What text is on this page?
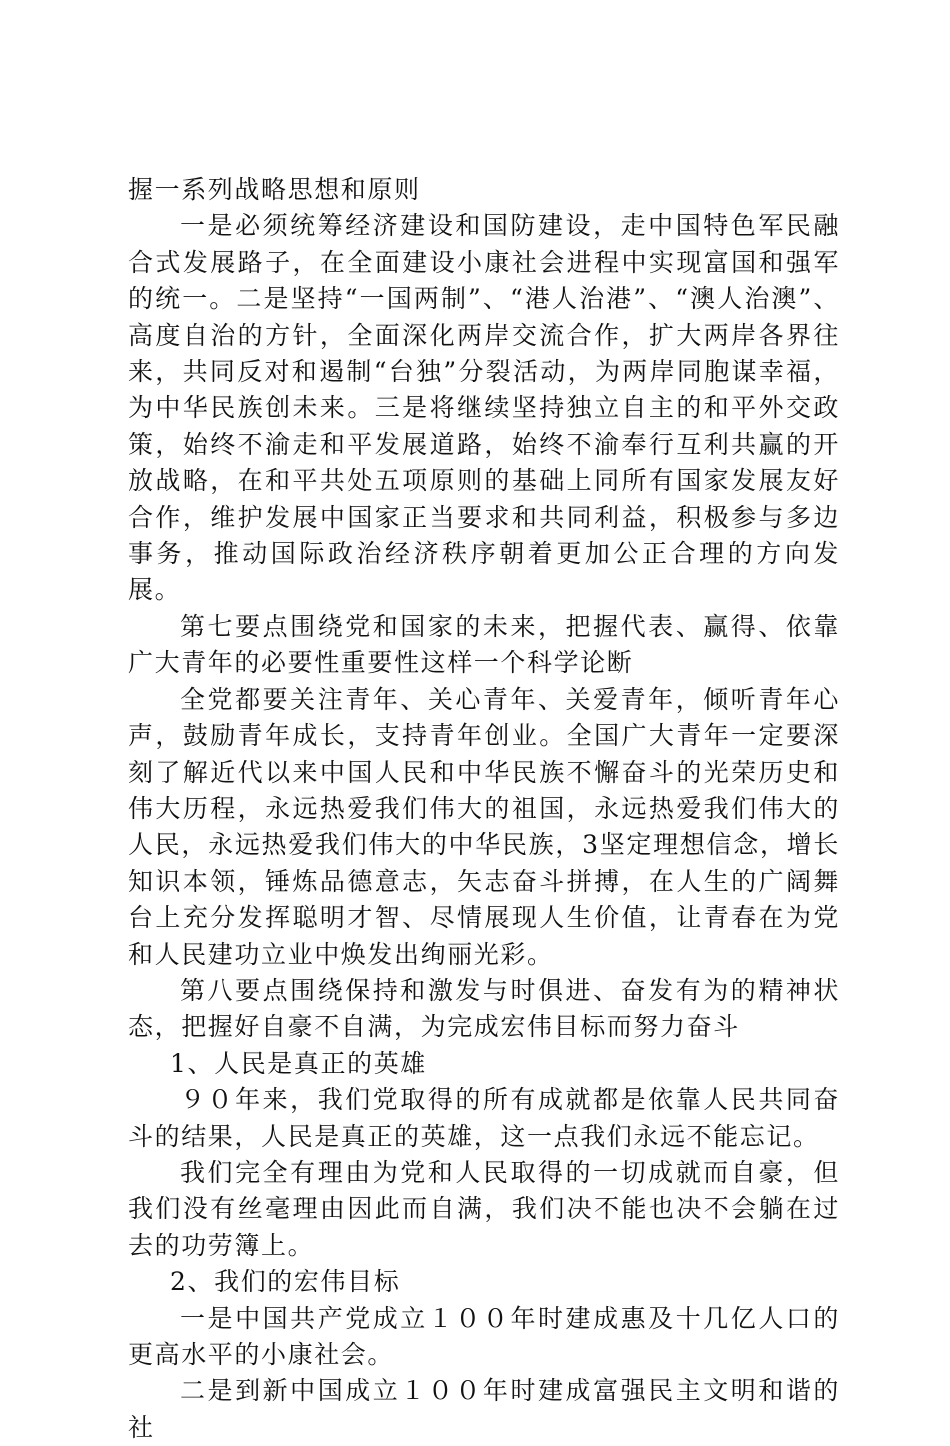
握一系列战略思想和原则

一是必须统筹经济建设和国防建设，走中国特色军民融合式发展路子，在全面建设小康社会进程中实现富国和强军的统一。二是坚持“一国两制”、“港人治港”、“澳人治澳”、高度自治的方针，全面深化两岸交流合作，扩大两岸各界往来，共同反对和遏制“台独”分裂活动，为两岸同胞谋幸福，为中华民族创未来。三是将继续坚持独立自主的和平外交政策，始终不渝走和平发展道路，始终不渝奉行互利共赢的开放战略，在和平共处五项原则的基础上同所有国家发展友好合作，维护发展中国家正当要求和共同利益，积极参与多边事务，推动国际政治经济秩序朝着更加公正合理的方向发展。

第七要点围绕党和国家的未来，把握代表、赢得、依靠广大青年的必要性重要性这样一个科学论断

全党都要关注青年、关心青年、关爱青年，倾听青年心声，鼓励青年成长，支持青年创业。全国广大青年一定要深刻了解近代以来中国人民和中华民族不懈奋斗的光荣历史和伟大历程，永远热爱我们伟大的祖国，永远热爱我们伟大的人民，永远热爱我们伟大的中华民族，3坚定理想信念，增长知识本领，锤炼品德意志，矢志奋斗拼搏，在人生的广阔舞台上充分发挥聪明才智、尽情展现人生价值，让青春在为党和人民建功立业中焕发出绚丽光彩。

第八要点围绕保持和激发与时俱进、奋发有为的精神状态，把握好自豪不自满，为完成宏伟目标而努力奋斗

1、人民是真正的英雄

９０年来，我们党取得的所有成就都是依靠人民共同奋斗的结果，人民是真正的英雄，这一点我们永远不能忘记。

我们完全有理由为党和人民取得的一切成就而自豪，但我们没有丝毫理由因此而自满，我们决不能也决不会躺在过去的功劳簿上。

2、我们的宏伟目标

一是中国共产党成立１００年时建成惠及十几亿人口的更高水平的小康社会。

二是到新中国成立１００年时建成富强民主文明和谐的社
